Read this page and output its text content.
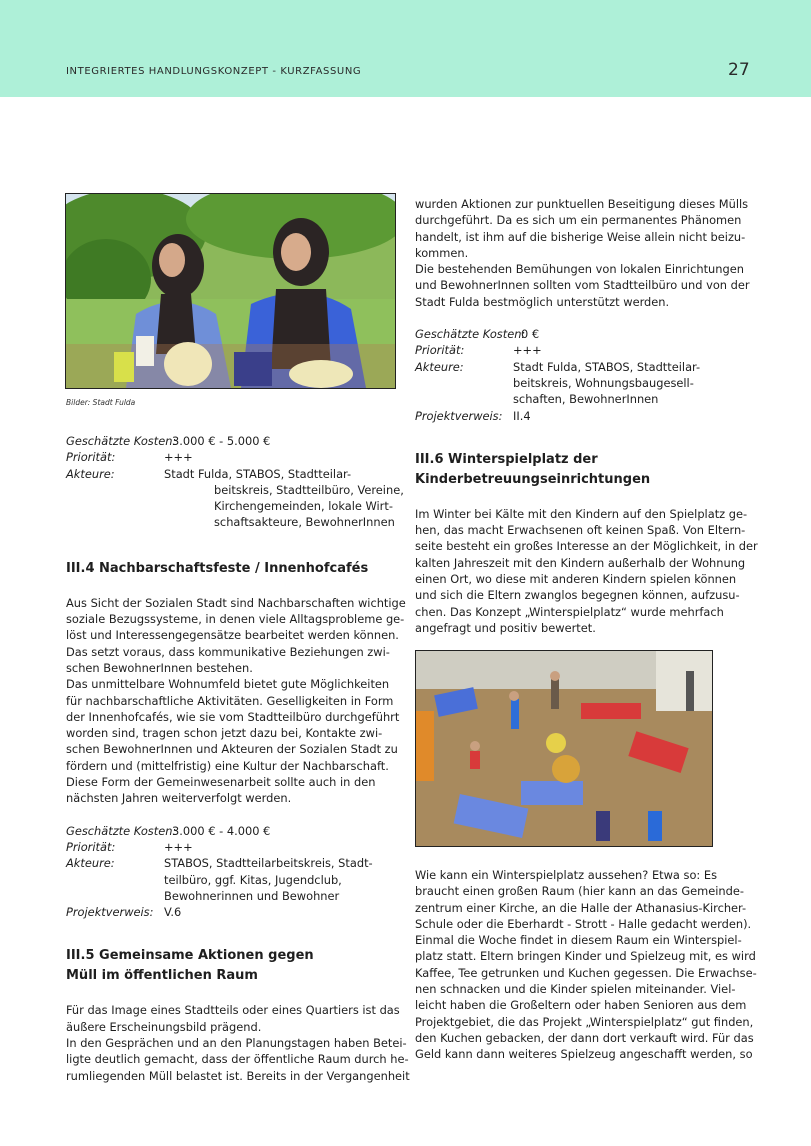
INTEGRIERTES HANDLUNGSKONZEPT - KURZFASSUNG	27
Bilder: Stadt Fulda
Geschätzte Kosten:
3.000 € - 5.000 €
Priorität:	+++
Akteure:	Stadt Fulda, STABOS, Stadtteilar-
beitskreis, Stadtteilbüro, Vereine,
Kirchengemeinden, lokale Wirt-
schaftsakteure, BewohnerInnen
III.4 Nachbarschaftsfeste / Innenhofcafés

Aus Sicht der Sozialen Stadt sind Nachbarschaften wichtige
soziale Bezugssysteme, in denen viele Alltagsprobleme ge-
löst und Interessengegensätze bearbeitet werden können.
Das setzt voraus, dass kommunikative Beziehungen zwi-
schen BewohnerInnen bestehen.
Das unmittelbare Wohnumfeld bietet gute Möglichkeiten
für nachbarschaftliche Aktivitäten. Geselligkeiten in Form
der Innenhofcafés, wie sie vom Stadtteilbüro durchgeführt
worden sind, tragen schon jetzt dazu bei, Kontakte zwi-
schen BewohnerInnen und Akteuren der Sozialen Stadt zu
fördern und (mittelfristig) eine Kultur der Nachbarschaft.
Diese Form der Gemeinwesenarbeit sollte auch in den
nächsten Jahren weiterverfolgt werden.

Geschätzte Kosten:
3.000 € - 4.000 €
Priorität:	+++
Akteure:	STABOS, Stadtteilarbeitskreis, Stadt-
teilbüro, ggf. Kitas, Jugendclub,
Bewohnerinnen und Bewohner
Projektverweis: V.6
III.5 Gemeinsame Aktionen gegen
Müll im öffentlichen Raum

Für das Image eines Stadtteils oder eines Quartiers ist das
äußere Erscheinungsbild prägend.
In den Gesprächen und an den Planungstagen haben Betei-
ligte deutlich gemacht, dass der öffentliche Raum durch he-
rumliegenden Müll belastet ist. Bereits in der Vergangenheit

wurden Aktionen zur punktuellen Beseitigung dieses Mülls
durchgeführt. Da es sich um ein permanentes Phänomen
handelt, ist ihm auf die bisherige Weise allein nicht beizu-
kommen.
Die bestehenden Bemühungen von lokalen Einrichtungen
und BewohnerInnen sollten vom Stadtteilbüro und von der
Stadt Fulda bestmöglich unterstützt werden.

Geschätzte Kosten:
0 €
Priorität:	+++
Akteure:	Stadt Fulda, STABOS, Stadtteilar-
beitskreis, Wohnungsbaugesell-
schaften, BewohnerInnen
Projektverweis: II.4
III.6 Winterspielplatz der
Kinderbetreuungseinrichtungen

Im Winter bei Kälte mit den Kindern auf den Spielplatz ge-
hen, das macht Erwachsenen oft keinen Spaß. Von Eltern-
seite besteht ein großes Interesse an der Möglichkeit, in der
kalten Jahreszeit mit den Kindern außerhalb der Wohnung
einen Ort, wo diese mit anderen Kindern spielen können
und sich die Eltern zwanglos begegnen können, aufzusu-
chen. Das Konzept „Winterspielplatz“ wurde mehrfach
angefragt und positiv bewertet.

Wie kann ein Winterspielplatz aussehen? Etwa so: Es
braucht einen großen Raum (hier kann an das Gemeinde-
zentrum einer Kirche, an die Halle der Athanasius-Kircher-
Schule oder die Eberhardt - Strott - Halle gedacht werden).
Einmal die Woche findet in diesem Raum ein Winterspiel-
platz statt. Eltern bringen Kinder und Spielzeug mit, es wird
Kaffee, Tee getrunken und Kuchen gegessen. Die Erwachse-
nen schnacken und die Kinder spielen miteinander. Viel-
leicht haben die Großeltern oder haben Senioren aus dem
Projektgebiet, die das Projekt „Winterspielplatz“ gut finden,
den Kuchen gebacken, der dann dort verkauft wird. Für das
Geld kann dann weiteres Spielzeug angeschafft werden, so
